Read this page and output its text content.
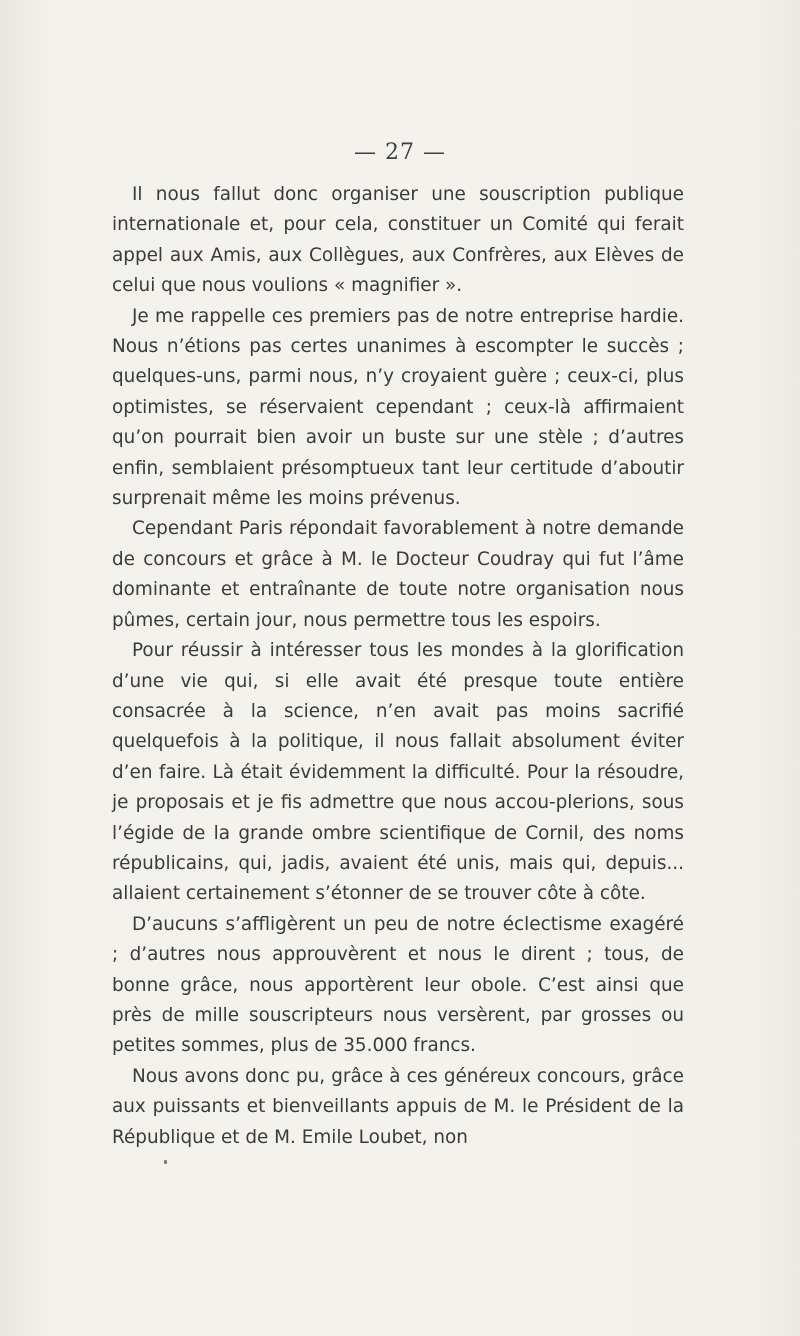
— 27 —

Il nous fallut donc organiser une souscription publique internationale et, pour cela, constituer un Comité qui ferait appel aux Amis, aux Collègues, aux Confrères, aux Elèves de celui que nous voulions « magnifier ».

Je me rappelle ces premiers pas de notre entreprise hardie. Nous n’étions pas certes unanimes à escompter le succès ; quelques-uns, parmi nous, n’y croyaient guère ; ceux-ci, plus optimistes, se réservaient cependant ; ceux-là affirmaient qu’on pourrait bien avoir un buste sur une stèle ; d’autres enfin, semblaient présomptueux tant leur certitude d’aboutir surprenait même les moins prévenus.

Cependant Paris répondait favorablement à notre demande de concours et grâce à M. le Docteur Coudray qui fut l’âme dominante et entraînante de toute notre organisation nous pûmes, certain jour, nous permettre tous les espoirs.

Pour réussir à intéresser tous les mondes à la glorification d’une vie qui, si elle avait été presque toute entière consacrée à la science, n’en avait pas moins sacrifié quelquefois à la politique, il nous fallait absolument éviter d’en faire. Là était évidemment la difficulté. Pour la résoudre, je proposais et je fis admettre que nous accou-plerions, sous l’égide de la grande ombre scientifique de Cornil, des noms républicains, qui, jadis, avaient été unis, mais qui, depuis... allaient certainement s’étonner de se trouver côte à côte.

D’aucuns s’affligèrent un peu de notre éclectisme exagéré ; d’autres nous approuvèrent et nous le dirent ; tous, de bonne grâce, nous apportèrent leur obole. C’est ainsi que près de mille souscripteurs nous versèrent, par grosses ou petites sommes, plus de 35.000 francs.

Nous avons donc pu, grâce à ces généreux concours, grâce aux puissants et bienveillants appuis de M. le Président de la République et de M. Emile Loubet, non
